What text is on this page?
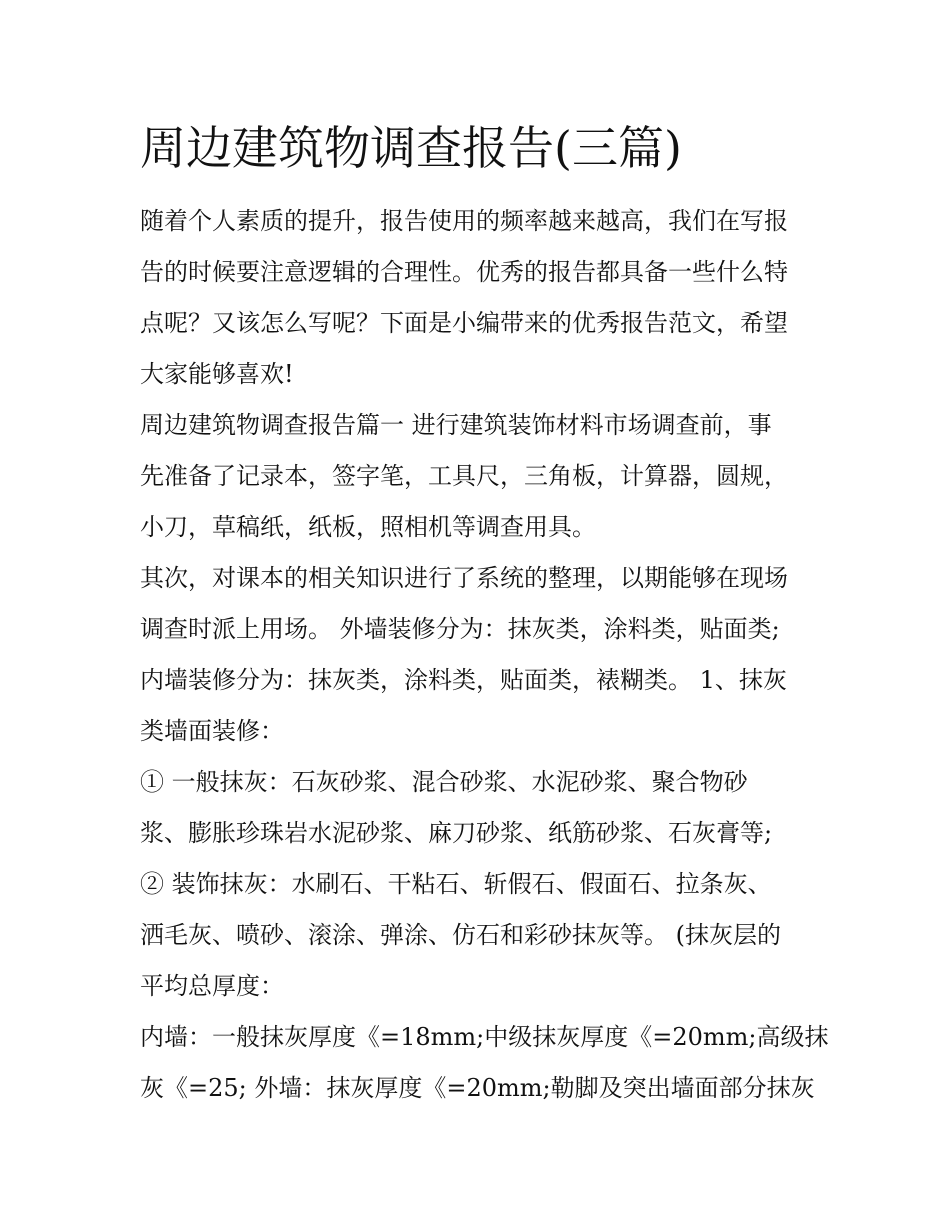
周边建筑物调查报告(三篇)

随着个人素质的提升，报告使用的频率越来越高，我们在写报
告的时候要注意逻辑的合理性。优秀的报告都具备一些什么特
点呢？又该怎么写呢？下面是小编带来的优秀报告范文，希望
大家能够喜欢!

周边建筑物调查报告篇一 进行建筑装饰材料市场调查前，事
先准备了记录本，签字笔，工具尺，三角板，计算器，圆规，
小刀，草稿纸，纸板，照相机等调查用具。

其次，对课本的相关知识进行了系统的整理，以期能够在现场
调查时派上用场。 外墙装修分为：抹灰类，涂料类，贴面类;
内墙装修分为：抹灰类，涂料类，贴面类，裱糊类。 1、抹灰
类墙面装修：

① 一般抹灰：石灰砂浆、混合砂浆、水泥砂浆、聚合物砂
浆、膨胀珍珠岩水泥砂浆、麻刀砂浆、纸筋砂浆、石灰膏等;
② 装饰抹灰：水刷石、干粘石、斩假石、假面石、拉条灰、
洒毛灰、喷砂、滚涂、弹涂、仿石和彩砂抹灰等。 (抹灰层的
平均总厚度：

内墙：一般抹灰厚度《=18mm;中级抹灰厚度《=20mm;高级抹
灰《=25; 外墙：抹灰厚度《=20mm;勒脚及突出墙面部分抹灰
